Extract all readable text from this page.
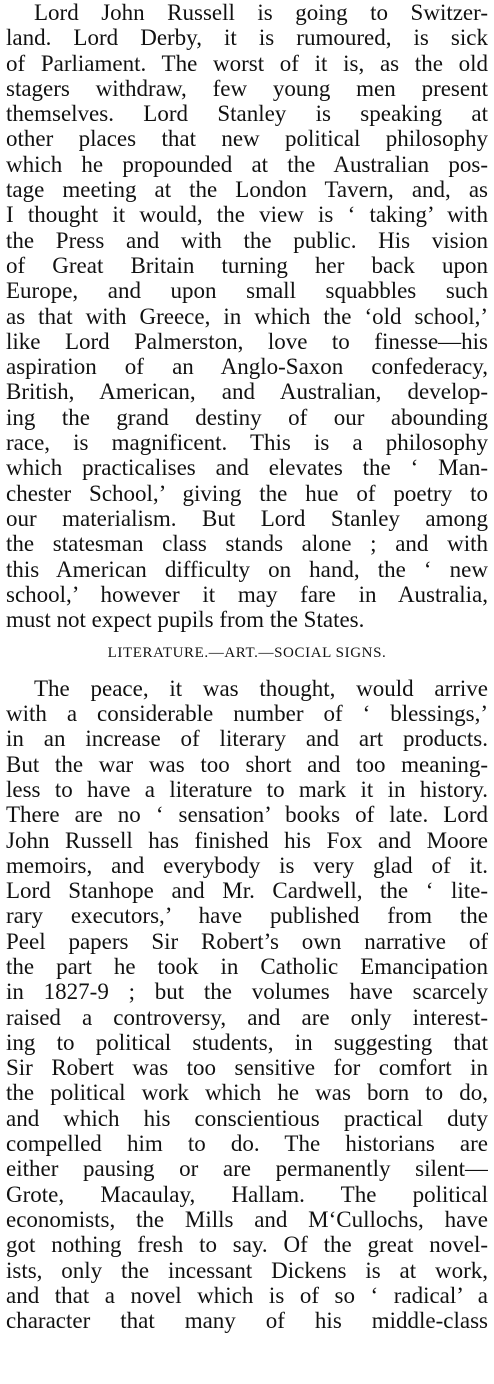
Lord John Russell is going to Switzer-
land. Lord Derby, it is rumoured, is sick
of Parliament. The worst of it is, as the old
stagers withdraw, few young men present
themselves. Lord Stanley is speaking at
other places that new political philosophy
which he propounded at the Australian pos-
tage meeting at the London Tavern, and, as
I thought it would, the view is ‘ taking’ with
the Press and with the public. His vision
of Great Britain turning her back upon
Europe, and upon small squabbles such
as that with Greece, in which the ‘old school,’
like Lord Palmerston, love to finesse—his
aspiration of an Anglo-Saxon confederacy,
British, American, and Australian, develop-
ing the grand destiny of our abounding
race, is magnificent. This is a philosophy
which practicalises and elevates the ‘ Man-
chester School,’ giving the hue of poetry to
our materialism. But Lord Stanley among
the statesman class stands alone ; and with
this American difficulty on hand, the ‘ new
school,’ however it may fare in Australia,
must not expect pupils from the States.
LITERATURE.—ART.—SOCIAL SIGNS.
The peace, it was thought, would arrive
with a considerable number of ‘ blessings,’
in an increase of literary and art products.
But the war was too short and too meaning-
less to have a literature to mark it in history.
There are no ‘ sensation’ books of late. Lord
John Russell has finished his Fox and Moore
memoirs, and everybody is very glad of it.
Lord Stanhope and Mr. Cardwell, the ‘ lite-
rary executors,’ have published from the
Peel papers Sir Robert’s own narrative of
the part he took in Catholic Emancipation
in 1827-9 ; but the volumes have scarcely
raised a controversy, and are only interest-
ing to political students, in suggesting that
Sir Robert was too sensitive for comfort in
the political work which he was born to do,
and which his conscientious practical duty
compelled him to do. The historians are
either pausing or are permanently silent—
Grote, Macaulay, Hallam. The political
economists, the Mills and M‘Cullochs, have
got nothing fresh to say. Of the great novel-
ists, only the incessant Dickens is at work,
and that a novel which is of so ‘ radical’ a
character that many of his middle-class
